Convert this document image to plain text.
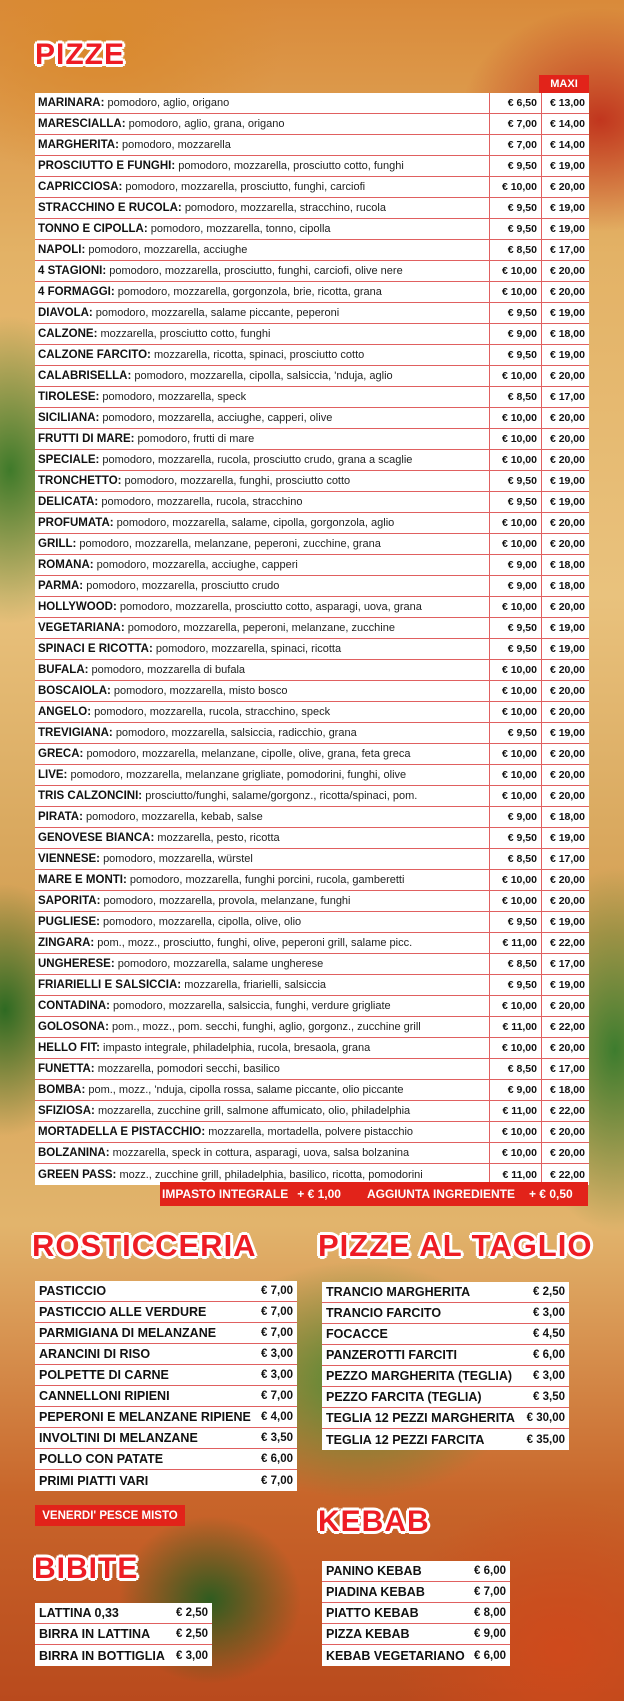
PIZZE
MAXI
MARINARA: pomodoro, aglio, origano	€ 6,50	€ 13,00
MARESCIALLA: pomodoro, aglio, grana, origano	€ 7,00	€ 14,00
MARGHERITA: pomodoro, mozzarella	€ 7,00	€ 14,00
PROSCIUTTO E FUNGHI: pomodoro, mozzarella, prosciutto cotto, funghi	€ 9,50	€ 19,00
CAPRICCIOSA: pomodoro, mozzarella, prosciutto, funghi, carciofi	€ 10,00	€ 20,00
STRACCHINO E RUCOLA: pomodoro, mozzarella, stracchino, rucola	€ 9,50	€ 19,00
TONNO E CIPOLLA: pomodoro, mozzarella, tonno, cipolla	€ 9,50	€ 19,00
NAPOLI: pomodoro, mozzarella, acciughe	€ 8,50	€ 17,00
4 STAGIONI: pomodoro, mozzarella, prosciutto, funghi, carciofi, olive nere	€ 10,00	€ 20,00
4 FORMAGGI: pomodoro, mozzarella, gorgonzola, brie, ricotta, grana	€ 10,00	€ 20,00
DIAVOLA: pomodoro, mozzarella, salame piccante, peperoni	€ 9,50	€ 19,00
CALZONE: mozzarella, prosciutto cotto, funghi	€ 9,00	€ 18,00
CALZONE FARCITO: mozzarella, ricotta, spinaci, prosciutto cotto	€ 9,50	€ 19,00
CALABRISELLA: pomodoro, mozzarella, cipolla, salsiccia, 'nduja, aglio	€ 10,00	€ 20,00
TIROLESE: pomodoro, mozzarella, speck	€ 8,50	€ 17,00
SICILIANA: pomodoro, mozzarella, acciughe, capperi, olive	€ 10,00	€ 20,00
FRUTTI DI MARE: pomodoro, frutti di mare	€ 10,00	€ 20,00
SPECIALE: pomodoro, mozzarella, rucola, prosciutto crudo, grana a scaglie	€ 10,00	€ 20,00
TRONCHETTO: pomodoro, mozzarella, funghi, prosciutto cotto	€ 9,50	€ 19,00
DELICATA: pomodoro, mozzarella, rucola, stracchino	€ 9,50	€ 19,00
PROFUMATA: pomodoro, mozzarella, salame, cipolla, gorgonzola, aglio	€ 10,00	€ 20,00
GRILL: pomodoro, mozzarella, melanzane, peperoni, zucchine, grana	€ 10,00	€ 20,00
ROMANA: pomodoro, mozzarella, acciughe, capperi	€ 9,00	€ 18,00
PARMA: pomodoro, mozzarella, prosciutto crudo	€ 9,00	€ 18,00
HOLLYWOOD: pomodoro, mozzarella, prosciutto cotto, asparagi, uova, grana	€ 10,00	€ 20,00
VEGETARIANA: pomodoro, mozzarella, peperoni, melanzane, zucchine	€ 9,50	€ 19,00
SPINACI E RICOTTA: pomodoro, mozzarella, spinaci, ricotta	€ 9,50	€ 19,00
BUFALA: pomodoro, mozzarella di bufala	€ 10,00	€ 20,00
BOSCAIOLA: pomodoro, mozzarella, misto bosco	€ 10,00	€ 20,00
ANGELO: pomodoro, mozzarella, rucola, stracchino, speck	€ 10,00	€ 20,00
TREVIGIANA: pomodoro, mozzarella, salsiccia, radicchio, grana	€ 9,50	€ 19,00
GRECA: pomodoro, mozzarella, melanzane, cipolle, olive, grana, feta greca	€ 10,00	€ 20,00
LIVE: pomodoro, mozzarella, melanzane grigliate, pomodorini, funghi, olive	€ 10,00	€ 20,00
TRIS CALZONCINI: prosciutto/funghi, salame/gorgonz., ricotta/spinaci, pom.	€ 10,00	€ 20,00
PIRATA: pomodoro, mozzarella, kebab, salse	€ 9,00	€ 18,00
GENOVESE BIANCA: mozzarella, pesto, ricotta	€ 9,50	€ 19,00
VIENNESE: pomodoro, mozzarella, würstel	€ 8,50	€ 17,00
MARE E MONTI: pomodoro, mozzarella, funghi porcini, rucola, gamberetti	€ 10,00	€ 20,00
SAPORITA: pomodoro, mozzarella, provola, melanzane, funghi	€ 10,00	€ 20,00
PUGLIESE: pomodoro, mozzarella, cipolla, olive, olio	€ 9,50	€ 19,00
ZINGARA: pom., mozz., prosciutto, funghi, olive, peperoni grill, salame picc.	€ 11,00	€ 22,00
UNGHERESE: pomodoro, mozzarella, salame ungherese	€ 8,50	€ 17,00
FRIARIELLI E SALSICCIA: mozzarella, friarielli, salsiccia	€ 9,50	€ 19,00
CONTADINA: pomodoro, mozzarella, salsiccia, funghi, verdure grigliate	€ 10,00	€ 20,00
GOLOSONA: pom., mozz., pom. secchi, funghi, aglio, gorgonz., zucchine grill	€ 11,00	€ 22,00
HELLO FIT: impasto integrale, philadelphia, rucola, bresaola, grana	€ 10,00	€ 20,00
FUNETTA: mozzarella, pomodori secchi, basilico	€ 8,50	€ 17,00
BOMBA: pom., mozz., 'nduja, cipolla rossa, salame piccante, olio piccante	€ 9,00	€ 18,00
SFIZIOSA: mozzarella, zucchine grill, salmone affumicato, olio, philadelphia	€ 11,00	€ 22,00
MORTADELLA E PISTACCHIO: mozzarella, mortadella, polvere pistacchio	€ 10,00	€ 20,00
BOLZANINA: mozzarella, speck in cottura, asparagi, uova, salsa bolzanina	€ 10,00	€ 20,00
GREEN PASS: mozz., zucchine grill, philadelphia, basilico, ricotta, pomodorini	€ 11,00	€ 22,00
IMPASTO INTEGRALE + € 1,00 AGGIUNTA INGREDIENTE + € 0,50
ROSTICCERIA PIZZE AL TAGLIO
PASTICCIO	€ 7,00
PASTICCIO ALLE VERDURE	€ 7,00
PARMIGIANA DI MELANZANE	€ 7,00
ARANCINI DI RISO	€ 3,00
POLPETTE DI CARNE	€ 3,00
CANNELLONI RIPIENI	€ 7,00
PEPERONI E MELANZANE RIPIENE € 4,00
INVOLTINI DI MELANZANE	€ 3,50
POLLO CON PATATE	€ 6,00
PRIMI PIATTI VARI	€ 7,00
TRANCIO MARGHERITA	€ 2,50
TRANCIO FARCITO	€ 3,00
FOCACCE	€ 4,50
PANZEROTTI FARCITI	€ 6,00
PEZZO MARGHERITA (TEGLIA)	€ 3,00
PEZZO FARCITA (TEGLIA)	€ 3,50
TEGLIA 12 PEZZI MARGHERITA	€ 30,00
TEGLIA 12 PEZZI FARCITA	€ 35,00
VENERDI' PESCE MISTO
BIBITE
KEBAB
LATTINA 0,33	€ 2,50
BIRRA IN LATTINA	€ 2,50
BIRRA IN BOTTIGLIA € 3,00
PANINO KEBAB	€ 6,00
PIADINA KEBAB	€ 7,00
PIATTO KEBAB	€ 8,00
PIZZA KEBAB	€ 9,00
KEBAB VEGETARIANO € 6,00
